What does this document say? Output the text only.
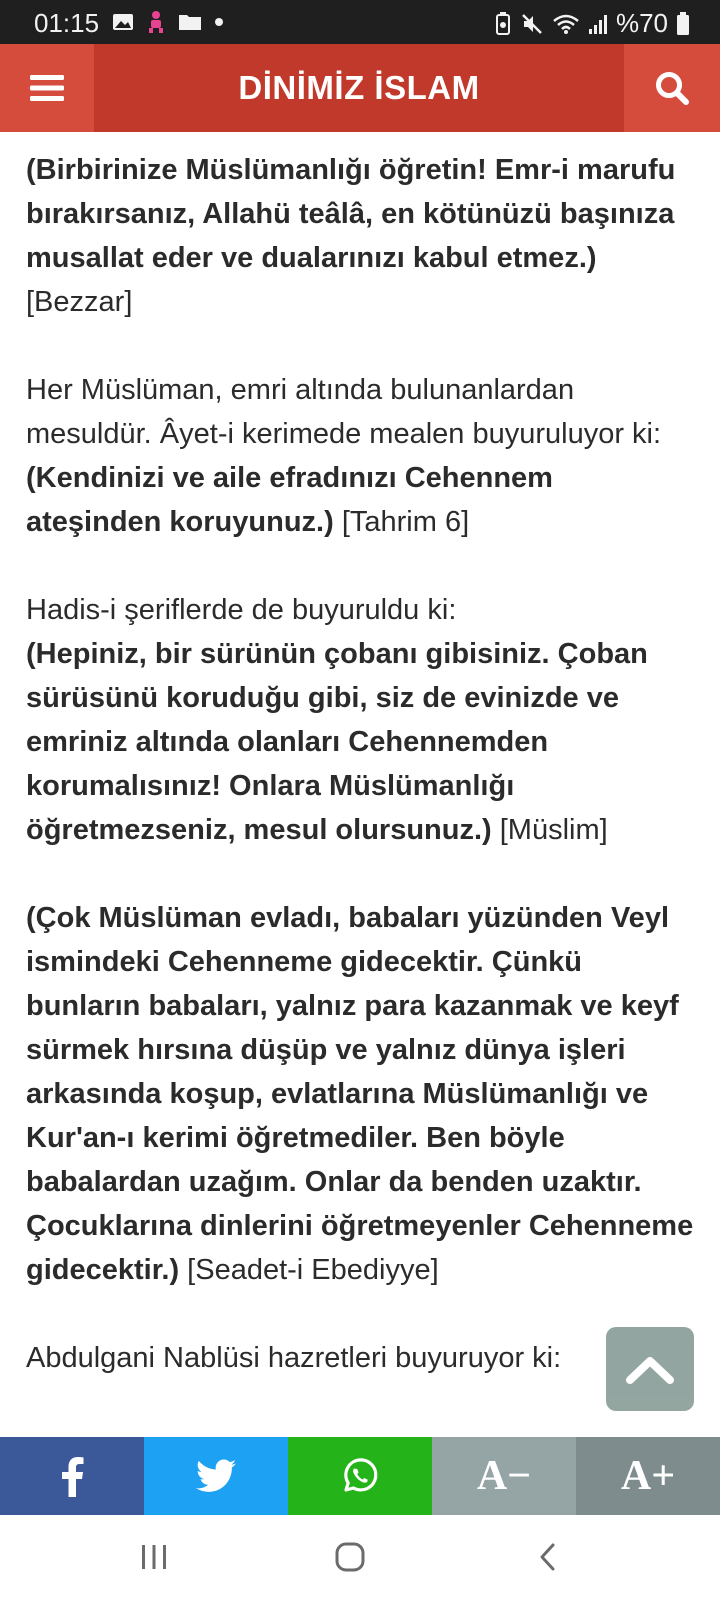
01:15	%70
DİNİMİZ İSLAM

(Birbirinize Müslümanlığı öğretin! Emr-i marufu bırakırsanız, Allahü teâlâ, en kötünüzü başınıza musallat eder ve dualarınızı kabul etmez.) [Bezzar]

Her Müslüman, emri altında bulunanlardan mesuldür. Âyet-i kerimede mealen buyuruluyor ki:
(Kendinizi ve aile efradınızı Cehennem ateşinden koruyunuz.) [Tahrim 6]

Hadis-i şeriflerde de buyuruldu ki:
(Hepiniz, bir sürünün çobanı gibisiniz. Çoban sürüsünü koruduğu gibi, siz de evinizde ve emriniz altında olanları Cehennemden korumalısınız! Onlara Müslümanlığı öğretmezseniz, mesul olursunuz.) [Müslim]

(Çok Müslüman evladı, babaları yüzünden Veyl ismindeki Cehenneme gidecektir. Çünkü bunların babaları, yalnız para kazanmak ve keyf sürmek hırsına düşüp ve yalnız dünya işleri arkasında koşup, evlatlarına Müslümanlığı ve Kur'an-ı kerimi öğretmediler. Ben böyle babalardan uzağım. Onlar da benden uzaktır. Çocuklarına dinlerini öğretmeyenler Cehenneme gidecektir.) [Seadet-i Ebediyye]

Abdulgani Nablüsi hazretleri buyuruyor ki:

A− A+
